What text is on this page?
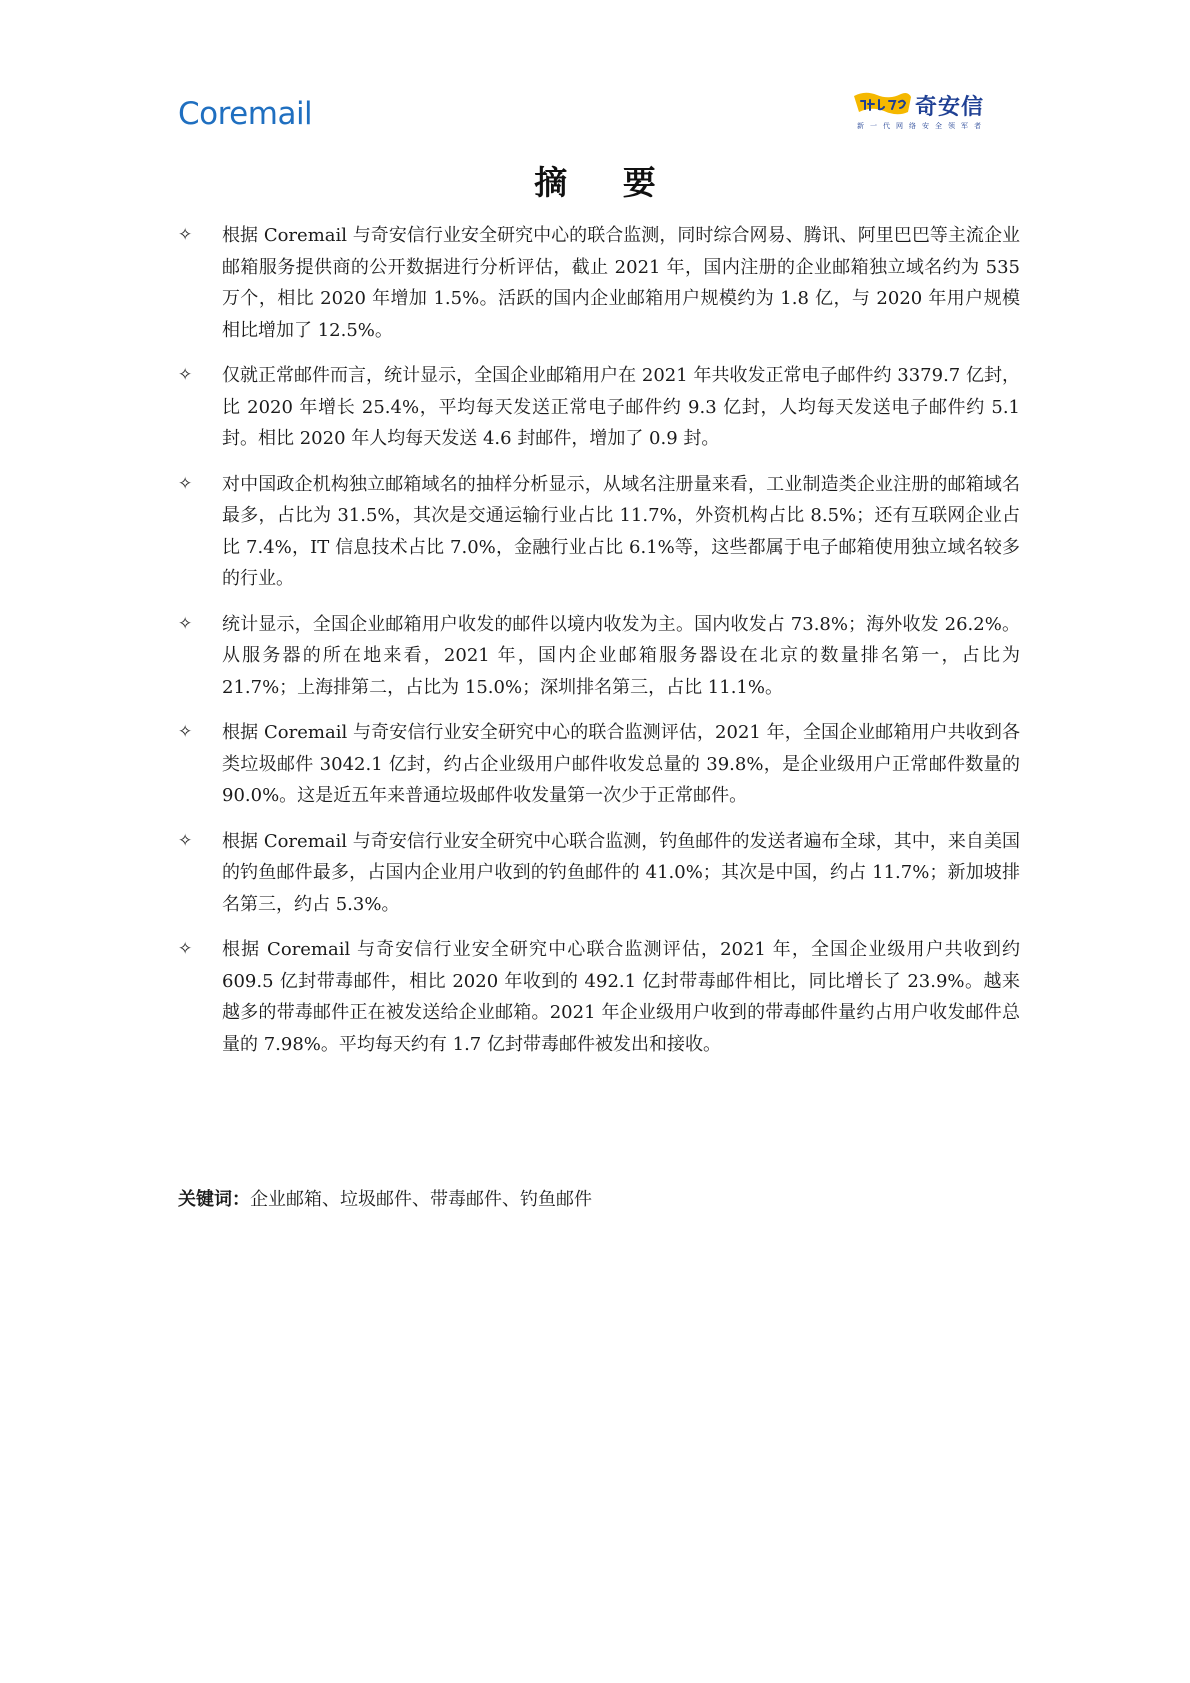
Coremail	奇安信
新一代网络安全领军者
摘 要
✧	根据 Coremail 与奇安信行业安全研究中心的联合监测，同时综合网易、腾讯、阿里巴巴等主流企业邮箱服务提供商的公开数据进行分析评估，截止 2021 年，国内注册的企业邮箱独立域名约为 535 万个，相比 2020 年增加 1.5%。活跃的国内企业邮箱用户规模约为 1.8 亿，与 2020 年用户规模相比增加了 12.5%。
✧	仅就正常邮件而言，统计显示，全国企业邮箱用户在 2021 年共收发正常电子邮件约 3379.7 亿封，比 2020 年增长 25.4%，平均每天发送正常电子邮件约 9.3 亿封，人均每天发送电子邮件约 5.1 封。相比 2020 年人均每天发送 4.6 封邮件，增加了 0.9 封。
✧	对中国政企机构独立邮箱域名的抽样分析显示，从域名注册量来看，工业制造类企业注册的邮箱域名最多，占比为 31.5%，其次是交通运输行业占比 11.7%，外资机构占比 8.5%；还有互联网企业占比 7.4%，IT 信息技术占比 7.0%，金融行业占比 6.1%等，这些都属于电子邮箱使用独立域名较多的行业。
✧	统计显示，全国企业邮箱用户收发的邮件以境内收发为主。国内收发占 73.8%；海外收发 26.2%。从服务器的所在地来看，2021 年，国内企业邮箱服务器设在北京的数量排名第一，占比为 21.7%；上海排第二，占比为 15.0%；深圳排名第三，占比 11.1%。
✧	根据 Coremail 与奇安信行业安全研究中心的联合监测评估，2021 年，全国企业邮箱用户共收到各类垃圾邮件 3042.1 亿封，约占企业级用户邮件收发总量的 39.8%，是企业级用户正常邮件数量的 90.0%。这是近五年来普通垃圾邮件收发量第一次少于正常邮件。
✧	根据 Coremail 与奇安信行业安全研究中心联合监测，钓鱼邮件的发送者遍布全球，其中，来自美国的钓鱼邮件最多，占国内企业用户收到的钓鱼邮件的 41.0%；其次是中国，约占 11.7%；新加坡排名第三，约占 5.3%。
✧	根据 Coremail 与奇安信行业安全研究中心联合监测评估，2021 年，全国企业级用户共收到约 609.5 亿封带毒邮件，相比 2020 年收到的 492.1 亿封带毒邮件相比，同比增长了 23.9%。越来越多的带毒邮件正在被发送给企业邮箱。2021 年企业级用户收到的带毒邮件量约占用户收发邮件总量的 7.98%。平均每天约有 1.7 亿封带毒邮件被发出和接收。
关键词：企业邮箱、垃圾邮件、带毒邮件、钓鱼邮件
